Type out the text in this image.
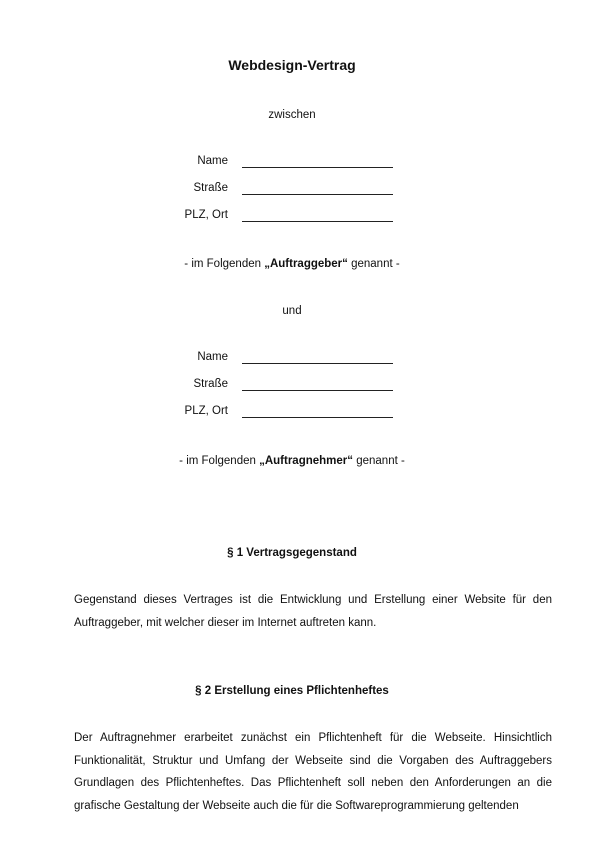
Webdesign-Vertrag
zwischen
Name
Straße
PLZ, Ort
- im Folgenden „Auftraggeber“ genannt -
und
Name
Straße
PLZ, Ort
- im Folgenden „Auftragnehmer“ genannt -
§ 1 Vertragsgegenstand
Gegenstand dieses Vertrages ist die Entwicklung und Erstellung einer Website für den Auftraggeber, mit welcher dieser im Internet auftreten kann.
§ 2 Erstellung eines Pflichtenheftes
Der Auftragnehmer erarbeitet zunächst ein Pflichtenheft für die Webseite. Hinsichtlich Funktionalität, Struktur und Umfang der Webseite sind die Vorgaben des Auftraggebers Grundlagen des Pflichtenheftes. Das Pflichtenheft soll neben den Anforderungen an die grafische Gestaltung der Webseite auch die für die Softwareprogrammierung geltenden
